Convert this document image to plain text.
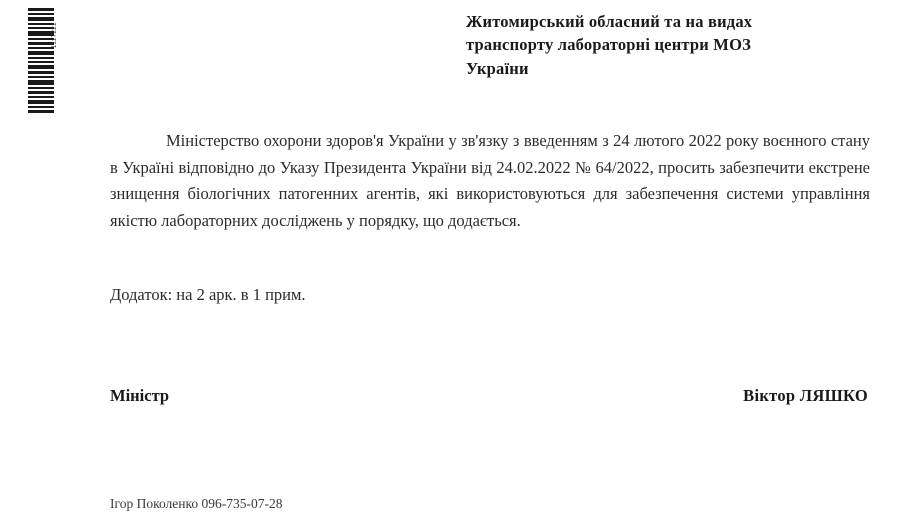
1117221
Житомирський обласний та на видах
транспорту лабораторні центри МОЗ
України
Міністерство охорони здоров'я України у зв'язку з введенням з 24 лютого 2022 року воєнного стану в Україні відповідно до Указу Президента України від 24.02.2022 № 64/2022, просить забезпечити екстрене знищення біологічних патогенних агентів, які використовуються для забезпечення системи управління якістю лабораторних досліджень у порядку, що додається.
Додаток: на 2 арк. в 1 прим.
Міністр	Віктор ЛЯШКО
Ігор Поколенко 096-735-07-28
